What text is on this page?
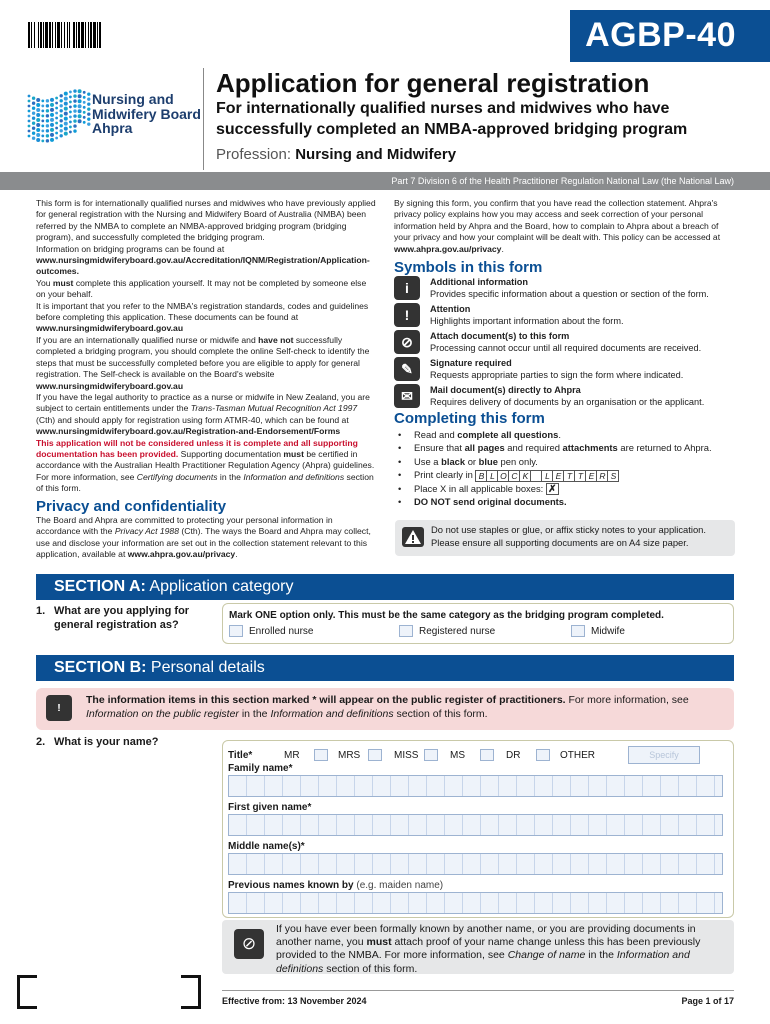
AGBP-40
Nursing and
Midwifery Board
Ahpra
Application for general registration
For internationally qualified nurses and midwives who have successfully completed an NMBA-approved bridging program
Profession: Nursing and Midwifery
Part 7 Division 6 of the Health Practitioner Regulation National Law (the National Law)

This form is for internationally qualified nurses and midwives who have previously applied for general registration with the Nursing and Midwifery Board of Australia (NMBA) been referred by the NMBA to complete an NMBA-approved bridging program (bridging program), and successfully completed the bridging program.

Information on bridging programs can be found at www.nursingmidwiferyboard.gov.au/Accreditation/IQNM/Registration/Application-outcomes.

You must complete this application yourself. It may not be completed by someone else on your behalf.

It is important that you refer to the NMBA's registration standards, codes and guidelines before completing this application. These documents can be found at
www.nursingmidwiferyboard.gov.au

If you are an internationally qualified nurse or midwife and have not successfully completed a bridging program, you should complete the online Self-check to identify the steps that must be successfully completed before you are eligible to apply for general registration. The Self-check is available on the Board's website
www.nursingmidwiferyboard.gov.au

If you have the legal authority to practice as a nurse or midwife in New Zealand, you are subject to certain entitlements under the Trans-Tasman Mutual Recognition Act 1997 (Cth) and should apply for registration using form ATMR-40, which can be found at
www.nursingmidwiferyboard.gov.au/Registration-and-Endorsement/Forms

This application will not be considered unless it is complete and all supporting documentation has been provided. Supporting documentation must be certified in accordance with the Australian Health Practitioner Regulation Agency (Ahpra) guidelines. For more information, see Certifying documents in the Information and definitions section of this form.

Privacy and confidentiality

The Board and Ahpra are committed to protecting your personal information in accordance with the Privacy Act 1988 (Cth). The ways the Board and Ahpra may collect, use and disclose your information are set out in the collection statement relevant to this application, available at www.ahpra.gov.au/privacy.

By signing this form, you confirm that you have read the collection statement. Ahpra's privacy policy explains how you may access and seek correction of your personal information held by Ahpra and the Board, how to complain to Ahpra about a breach of your privacy and how your complaint will be dealt with. This policy can be accessed at www.ahpra.gov.au/privacy.

Symbols in this form
i	Additional information
Provides specific information about a question or section of the form.
!	Attention
Highlights important information about the form.
⊘	Attach document(s) to this form
Processing cannot occur until all required documents are received.
✎	Signature required
Requests appropriate parties to sign the form where indicated.
✉	Mail document(s) directly to Ahpra
Requires delivery of documents by an organisation or the applicant.
Completing this form
• Read and complete all questions.
• Ensure that all pages and required attachments are returned to Ahpra.
• Use a black or blue pen only.
• Print clearly in B L O C K L E T T E R S
• Place X in all applicable boxes: ✗
• DO NOT send original documents.
Do not use staples or glue, or affix sticky notes to your application.
Please ensure all supporting documents are on A4 size paper.
SECTION A: Application category
1. What are you applying for general registration as?
Mark ONE option only. This must be the same category as the bridging program completed.
Enrolled nurse	Registered nurse	Midwife
SECTION B: Personal details
!
The information items in this section marked * will appear on the public register of practitioners. For more information, see Information on the public register in the Information and definitions section of this form.
2. What is your name?
Title*	MR	MRS	MISS	MS	DR	OTHER	Specify
Family name*
First given name*
Middle name(s)*
Previous names known by (e.g. maiden name)
⊘
If you have ever been formally known by another name, or you are providing documents in another name, you must attach proof of your name change unless this has been previously provided to the NMBA. For more information, see Change of name in the Information and definitions section of this form.
Effective from: 13 November 2024	Page 1 of 17
